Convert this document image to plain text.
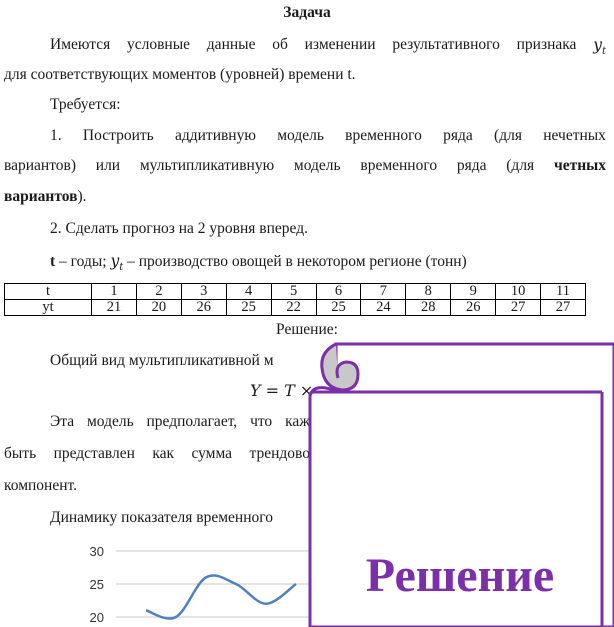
Задача
Имеются условные данные об изменении результативного признака $y_t$
для соответствующих моментов (уровней) времени t.
Требуется:
1. Построить аддитивную модель временного ряда (для нечетных
вариантов) или мультипликативную модель временного ряда (для четных
вариантов).
2. Сделать прогноз на 2 уровня вперед.
t – годы; $y_t$ – производство овощей в некотором регионе (тонн)
t	1	2	3	4	5	6	7	8	9	10	11
yt	21	20	26	25	22	25	24	28	26	27	27
Решение:
Общий вид мультипликативной м
Y = T ×
Эта модель предполагает, что каж
быть представлен как сумма трендово
компонент.
Динамику показателя временного
30
25
20
Решение
